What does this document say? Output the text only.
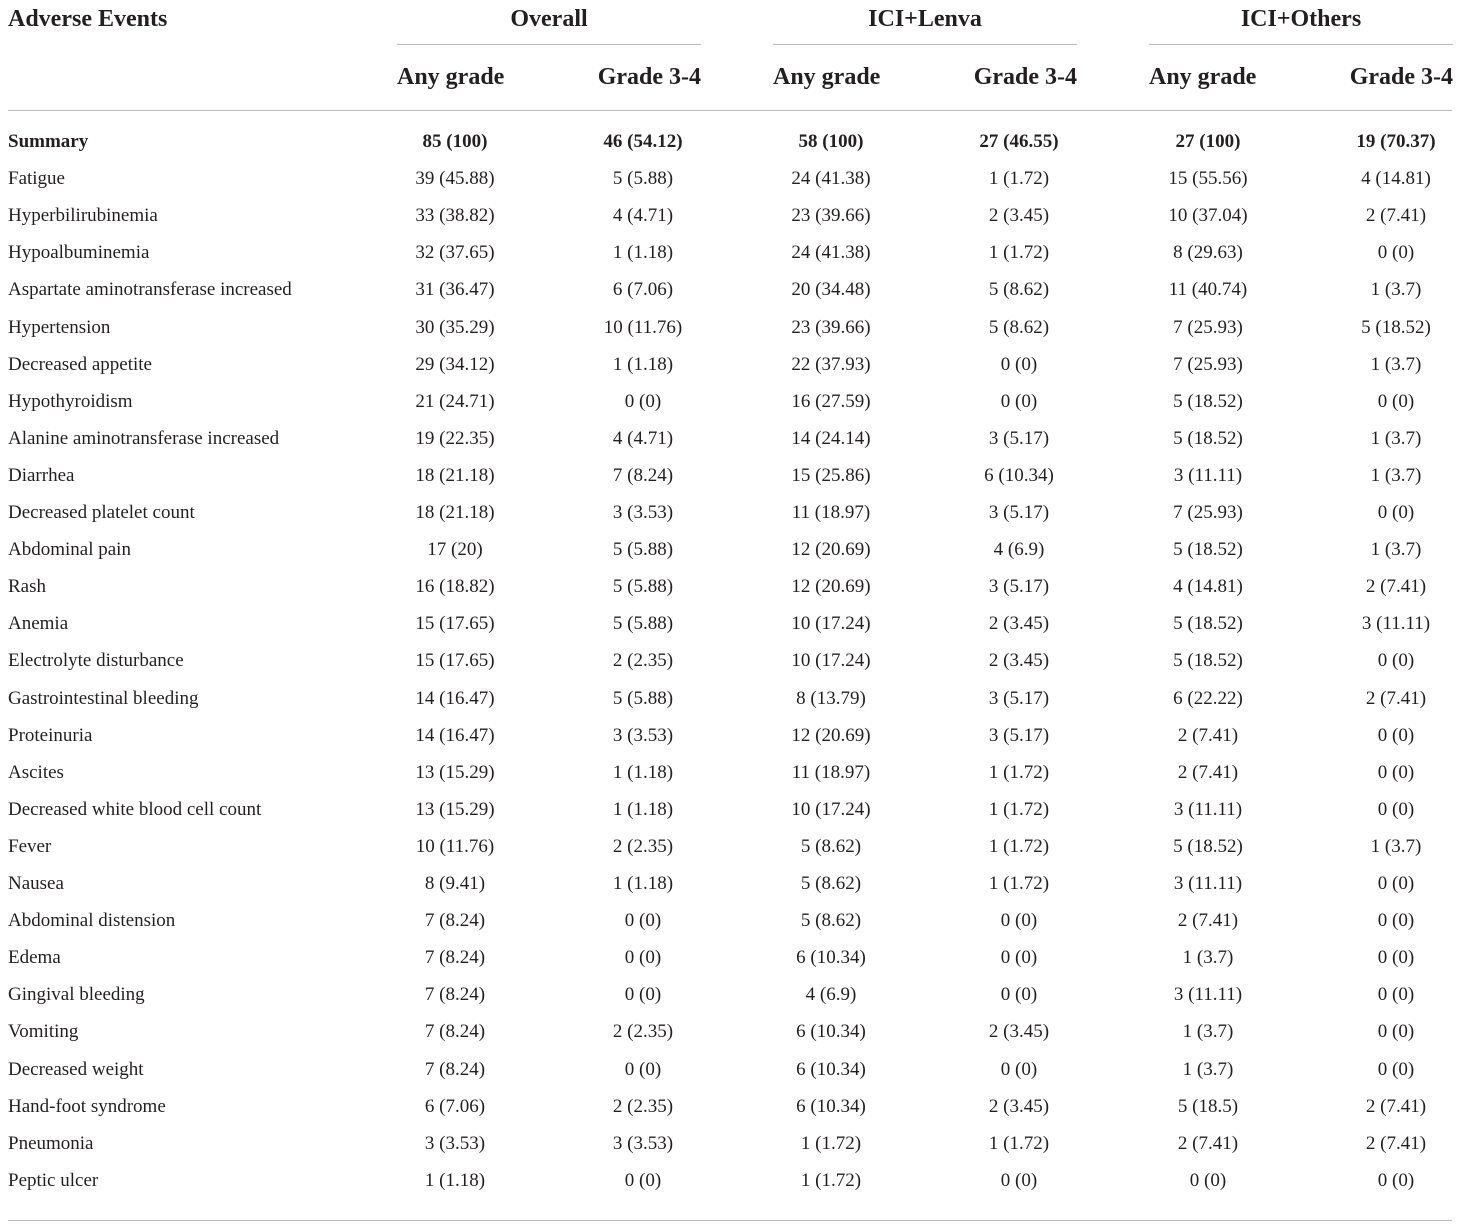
Adverse Events	Overall	ICI+Lenva	ICI+Others
Any grade	Grade 3-4	Any grade	Grade 3-4	Any grade	Grade 3-4
Summary	85 (100)	46 (54.12)	58 (100)	27 (46.55)	27 (100)	19 (70.37)
Fatigue	39 (45.88)	5 (5.88)	24 (41.38)	1 (1.72)	15 (55.56)	4 (14.81)
Hyperbilirubinemia	33 (38.82)	4 (4.71)	23 (39.66)	2 (3.45)	10 (37.04)	2 (7.41)
Hypoalbuminemia	32 (37.65)	1 (1.18)	24 (41.38)	1 (1.72)	8 (29.63)	0 (0)
Aspartate aminotransferase increased	31 (36.47)	6 (7.06)	20 (34.48)	5 (8.62)	11 (40.74)	1 (3.7)
Hypertension	30 (35.29)	10 (11.76)	23 (39.66)	5 (8.62)	7 (25.93)	5 (18.52)
Decreased appetite	29 (34.12)	1 (1.18)	22 (37.93)	0 (0)	7 (25.93)	1 (3.7)
Hypothyroidism	21 (24.71)	0 (0)	16 (27.59)	0 (0)	5 (18.52)	0 (0)
Alanine aminotransferase increased	19 (22.35)	4 (4.71)	14 (24.14)	3 (5.17)	5 (18.52)	1 (3.7)
Diarrhea	18 (21.18)	7 (8.24)	15 (25.86)	6 (10.34)	3 (11.11)	1 (3.7)
Decreased platelet count	18 (21.18)	3 (3.53)	11 (18.97)	3 (5.17)	7 (25.93)	0 (0)
Abdominal pain	17 (20)	5 (5.88)	12 (20.69)	4 (6.9)	5 (18.52)	1 (3.7)
Rash	16 (18.82)	5 (5.88)	12 (20.69)	3 (5.17)	4 (14.81)	2 (7.41)
Anemia	15 (17.65)	5 (5.88)	10 (17.24)	2 (3.45)	5 (18.52)	3 (11.11)
Electrolyte disturbance	15 (17.65)	2 (2.35)	10 (17.24)	2 (3.45)	5 (18.52)	0 (0)
Gastrointestinal bleeding	14 (16.47)	5 (5.88)	8 (13.79)	3 (5.17)	6 (22.22)	2 (7.41)
Proteinuria	14 (16.47)	3 (3.53)	12 (20.69)	3 (5.17)	2 (7.41)	0 (0)
Ascites	13 (15.29)	1 (1.18)	11 (18.97)	1 (1.72)	2 (7.41)	0 (0)
Decreased white blood cell count	13 (15.29)	1 (1.18)	10 (17.24)	1 (1.72)	3 (11.11)	0 (0)
Fever	10 (11.76)	2 (2.35)	5 (8.62)	1 (1.72)	5 (18.52)	1 (3.7)
Nausea	8 (9.41)	1 (1.18)	5 (8.62)	1 (1.72)	3 (11.11)	0 (0)
Abdominal distension	7 (8.24)	0 (0)	5 (8.62)	0 (0)	2 (7.41)	0 (0)
Edema	7 (8.24)	0 (0)	6 (10.34)	0 (0)	1 (3.7)	0 (0)
Gingival bleeding	7 (8.24)	0 (0)	4 (6.9)	0 (0)	3 (11.11)	0 (0)
Vomiting	7 (8.24)	2 (2.35)	6 (10.34)	2 (3.45)	1 (3.7)	0 (0)
Decreased weight	7 (8.24)	0 (0)	6 (10.34)	0 (0)	1 (3.7)	0 (0)
Hand-foot syndrome	6 (7.06)	2 (2.35)	6 (10.34)	2 (3.45)	5 (18.5)	2 (7.41)
Pneumonia	3 (3.53)	3 (3.53)	1 (1.72)	1 (1.72)	2 (7.41)	2 (7.41)
Peptic ulcer	1 (1.18)	0 (0)	1 (1.72)	0 (0)	0 (0)	0 (0)
